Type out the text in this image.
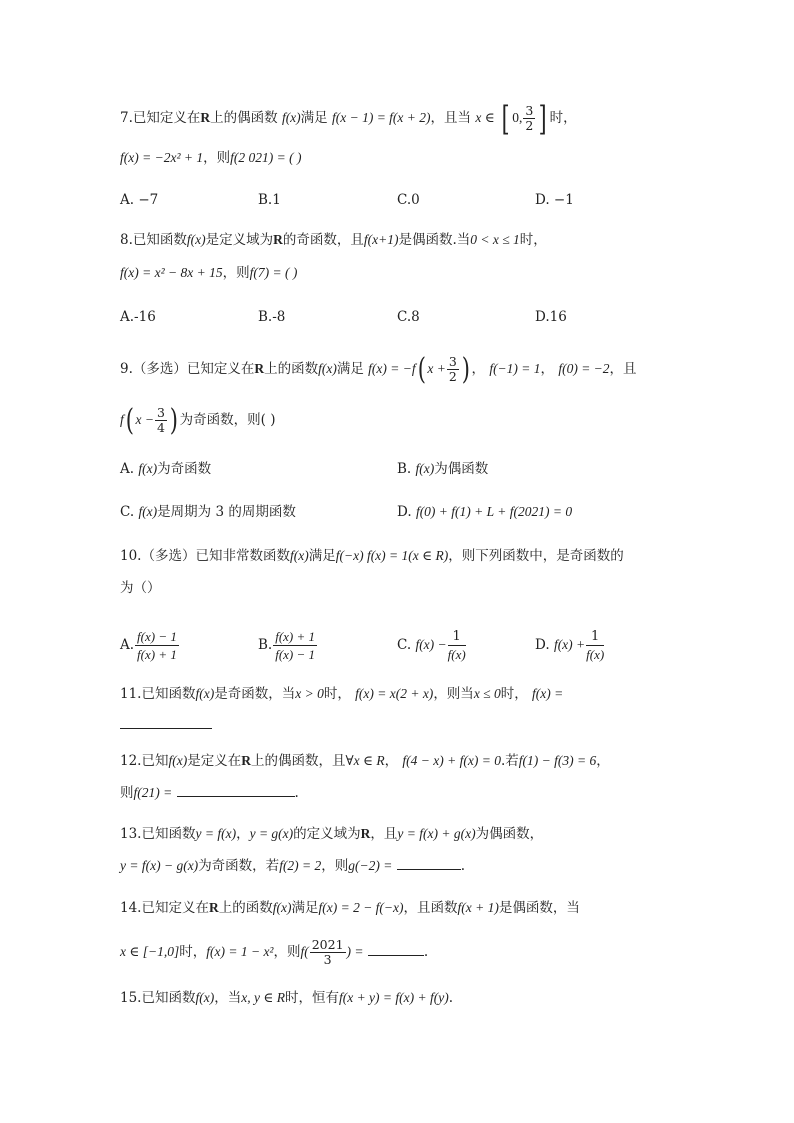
7.已知定义在R上的偶函数 f(x)满足 f(x − 1) = f(x + 2)，且当 x ∈ [ 0, $\frac{3}{2}$ ] 时，
f(x) = −2x² + 1，则f(2 021) = ( )
A. −7	B.1	C.0	D. −1
8.已知函数f(x)是定义域为R的奇函数，且f(x+1)是偶函数.当0 < x ≤ 1时，
f(x) = x² − 8x + 15，则f(7) = ( )
A.-16	B.-8	C.8	D.16
9.（多选）已知定义在R上的函数f(x)满足 f(x) = −f( $x + \frac{3}{2}$ ) ， f(−1) = 1， f(0) = −2，且
f( $x - \frac{3}{4}$ ) 为奇函数，则( )
A. f(x)为奇函数	B. f(x)为偶函数
C. f(x)是周期为 3 的周期函数	D. f(0) + f(1) + L + f(2021) = 0
10.（多选）已知非常数函数f(x)满足f(−x) f(x) = 1(x ∈ R)，则下列函数中，是奇函数的
为（）
A. $\frac{f(x) - 1}{f(x) + 1}$	B. $\frac{f(x) + 1}{f(x) - 1}$	C. $f(x) - \frac{1}{f(x)}$	D. $f(x) + \frac{1}{f(x)}$
11.已知函数f(x)是奇函数，当x > 0时， f(x) = x(2 + x)，则当x ≤ 0时， f(x) =
12.已知f(x)是定义在R上的偶函数，且∀x ∈ R， f(4 − x) + f(x) = 0.若f(1) − f(3) = 6，
则f(21) =	.
13.已知函数y = f(x)，y = g(x)的定义域为R，且y = f(x) + g(x)为偶函数，
y = f(x) − g(x)为奇函数，若f(2) = 2，则g(−2) =	.
14.已知定义在R上的函数f(x)满足f(x) = 2 − f(−x)，且函数f(x + 1)是偶函数，当
x ∈ [−1,0]时，f(x) = 1 − x²，则$f( \frac{2021}{3}$ ) =	.
15.已知函数f(x)，当x, y ∈ R时，恒有f(x + y) = f(x) + f(y).
